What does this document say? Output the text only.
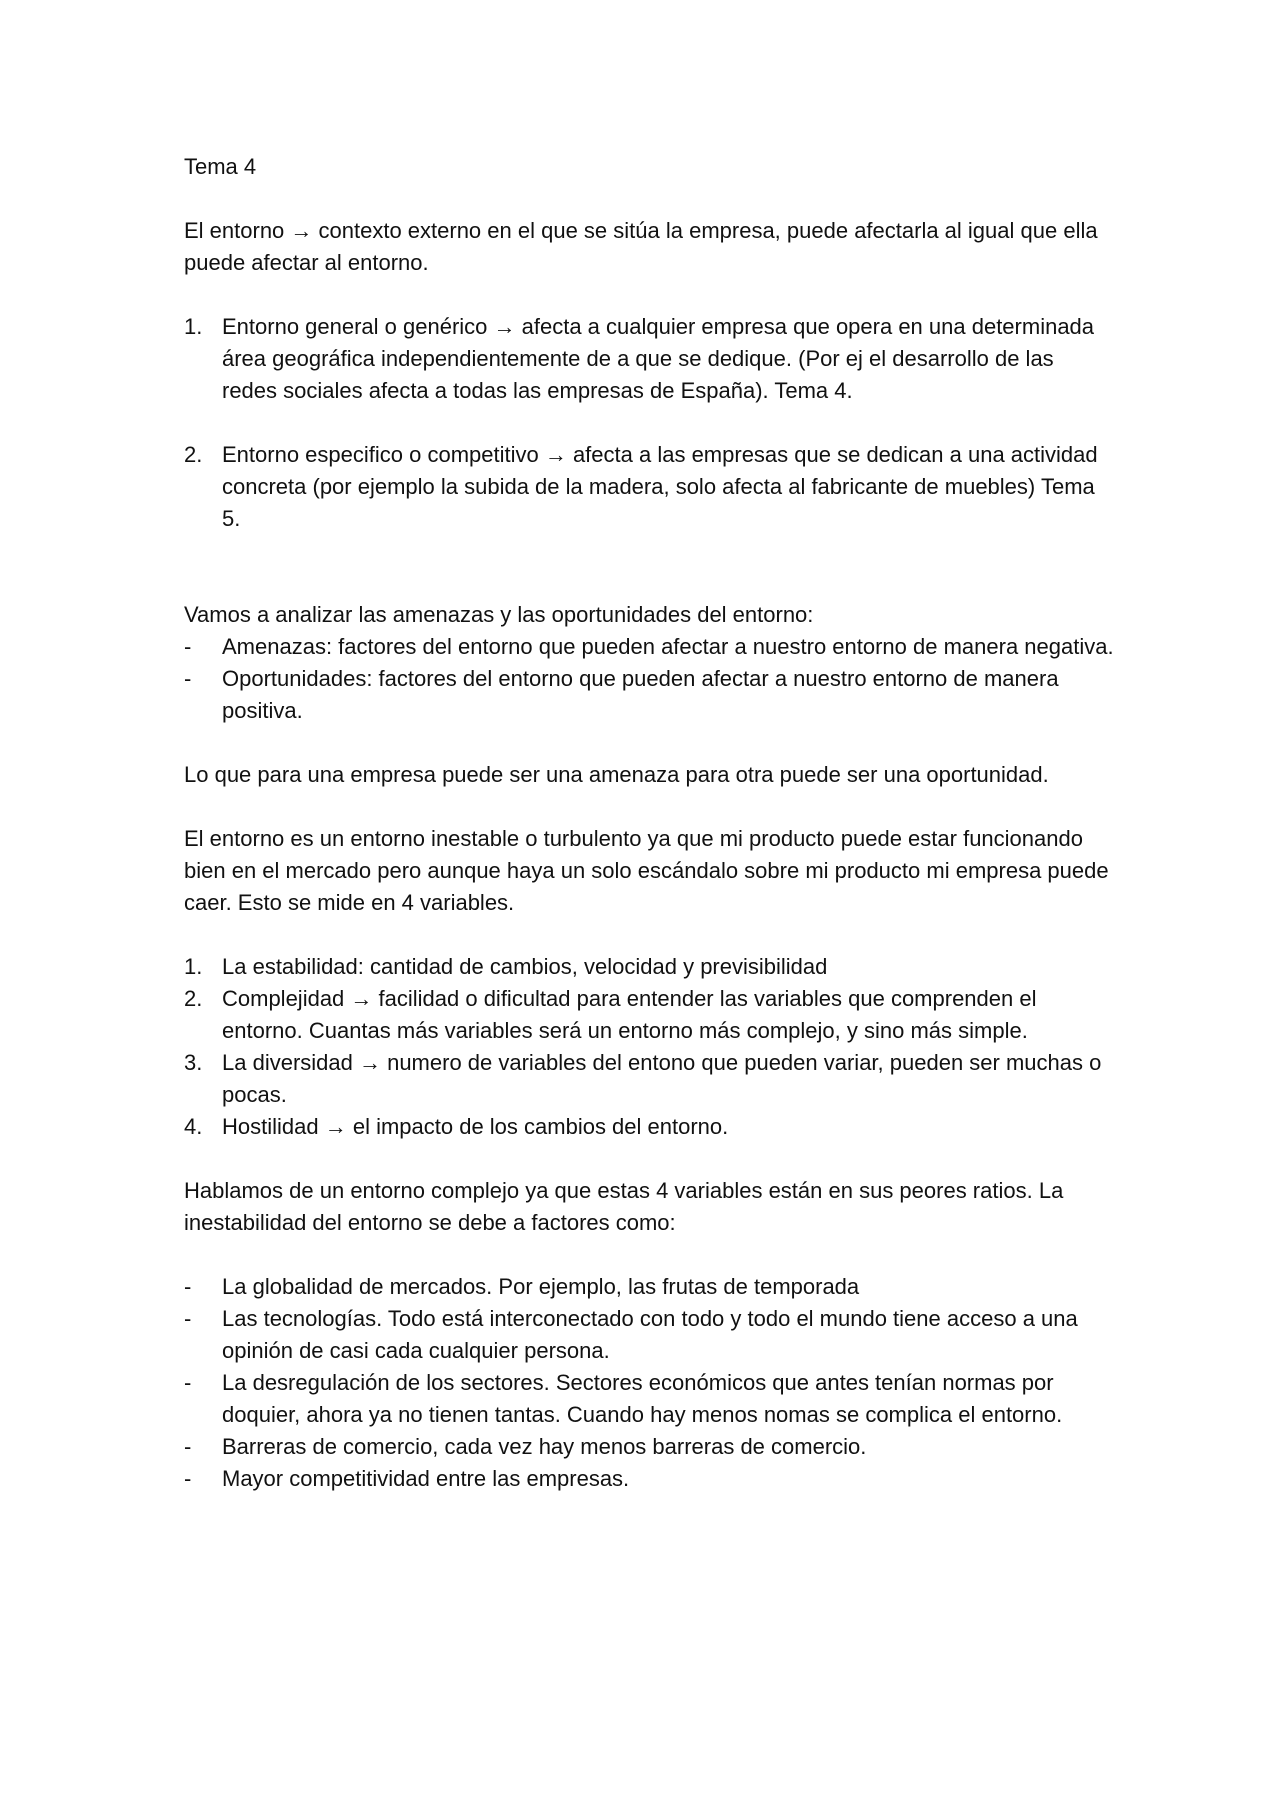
Tema 4

El entorno → contexto externo en el que se sitúa la empresa, puede afectarla al igual que ella puede afectar al entorno.

1. Entorno general o genérico → afecta a cualquier empresa que opera en una determinada área geográfica independientemente de a que se dedique. (Por ej el desarrollo de las redes sociales afecta a todas las empresas de España). Tema 4.
2. Entorno especifico o competitivo → afecta a las empresas que se dedican a una actividad concreta (por ejemplo la subida de la madera, solo afecta al fabricante de muebles) Tema 5.

Vamos a analizar las amenazas y las oportunidades del entorno:

-	Amenazas: factores del entorno que pueden afectar a nuestro entorno de manera negativa.
-	Oportunidades: factores del entorno que pueden afectar a nuestro entorno de manera positiva.

Lo que para una empresa puede ser una amenaza para otra puede ser una oportunidad.

El entorno es un entorno inestable o turbulento ya que mi producto puede estar funcionando bien en el mercado pero aunque haya un solo escándalo sobre mi producto mi empresa puede caer. Esto se mide en 4 variables.

1. La estabilidad: cantidad de cambios, velocidad y previsibilidad
2. Complejidad → facilidad o dificultad para entender las variables que comprenden el entorno. Cuantas más variables será un entorno más complejo, y sino más simple.
3. La diversidad → numero de variables del entono que pueden variar, pueden ser muchas o pocas.
4. Hostilidad → el impacto de los cambios del entorno.

Hablamos de un entorno complejo ya que estas 4 variables están en sus peores ratios. La inestabilidad del entorno se debe a factores como:

-	La globalidad de mercados. Por ejemplo, las frutas de temporada
-	Las tecnologías. Todo está interconectado con todo y todo el mundo tiene acceso a una opinión de casi cada cualquier persona.
-	La desregulación de los sectores. Sectores económicos que antes tenían normas por doquier, ahora ya no tienen tantas. Cuando hay menos nomas se complica el entorno.
-	Barreras de comercio, cada vez hay menos barreras de comercio.
-	Mayor competitividad entre las empresas.
